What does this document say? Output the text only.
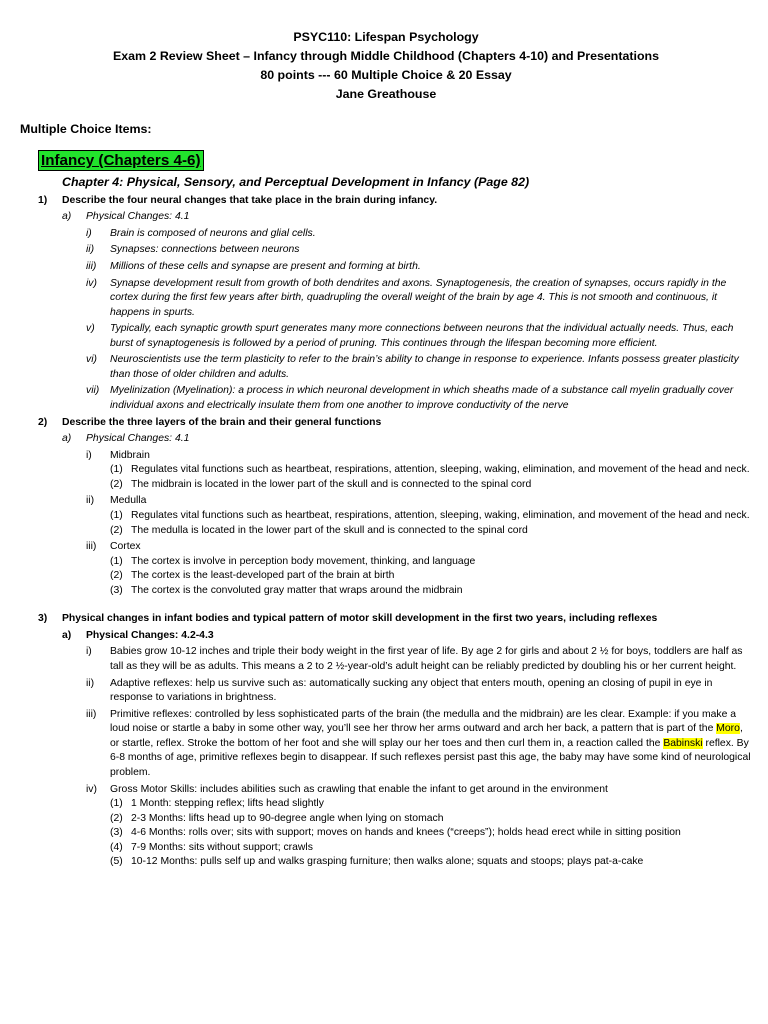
PSYC110: Lifespan Psychology
Exam 2 Review Sheet – Infancy through Middle Childhood (Chapters 4-10) and Presentations
80 points --- 60 Multiple Choice & 20 Essay
Jane Greathouse
Multiple Choice Items:
Infancy (Chapters 4-6)
Chapter 4: Physical, Sensory, and Perceptual Development in Infancy (Page 82)
1) Describe the four neural changes that take place in the brain during infancy.
a) Physical Changes: 4.1
i) Brain is composed of neurons and glial cells.
ii) Synapses: connections between neurons
iii) Millions of these cells and synapse are present and forming at birth.
iv) Synapse development result from growth of both dendrites and axons. Synaptogenesis, the creation of synapses, occurs rapidly in the cortex during the first few years after birth, quadrupling the overall weight of the brain by age 4. This is not smooth and continuous, it happens in spurts.
v) Typically, each synaptic growth spurt generates many more connections between neurons that the individual actually needs. Thus, each burst of synaptogenesis is followed by a period of pruning. This continues through the lifespan becoming more efficient.
vi) Neuroscientists use the term plasticity to refer to the brain’s ability to change in response to experience. Infants possess greater plasticity than those of older children and adults.
vii) Myelinization (Myelination): a process in which neuronal development in which sheaths made of a substance call myelin gradually cover individual axons and electrically insulate them from one another to improve conductivity of the nerve
2) Describe the three layers of the brain and their general functions
a) Physical Changes: 4.1
i) Midbrain
(1) Regulates vital functions such as heartbeat, respirations, attention, sleeping, waking, elimination, and movement of the head and neck.
(2) The midbrain is located in the lower part of the skull and is connected to the spinal cord
ii) Medulla
(1) Regulates vital functions such as heartbeat, respirations, attention, sleeping, waking, elimination, and movement of the head and neck.
(2) The medulla is located in the lower part of the skull and is connected to the spinal cord
iii) Cortex
(1) The cortex is involve in perception body movement, thinking, and language
(2) The cortex is the least-developed part of the brain at birth
(3) The cortex is the convoluted gray matter that wraps around the midbrain
3) Physical changes in infant bodies and typical pattern of motor skill development in the first two years, including reflexes
a) Physical Changes: 4.2-4.3
i) Babies grow 10-12 inches and triple their body weight in the first year of life. By age 2 for girls and about 2 ½ for boys, toddlers are half as tall as they will be as adults. This means a 2 to 2 ½-year-old’s adult height can be reliably predicted by doubling his or her current height.
ii) Adaptive reflexes: help us survive such as: automatically sucking any object that enters mouth, opening an closing of pupil in eye in response to variations in brightness.
iii) Primitive reflexes: controlled by less sophisticated parts of the brain (the medulla and the midbrain) are les clear. Example: if you make a loud noise or startle a baby in some other way, you’ll see her throw her arms outward and arch her back, a pattern that is part of the Moro, or startle, reflex. Stroke the bottom of her foot and she will splay our her toes and then curl them in, a reaction called the Babinski reflex. By 6-8 months of age, primitive reflexes begin to disappear. If such reflexes persist past this age, the baby may have some kind of neurological problem.
iv) Gross Motor Skills: includes abilities such as crawling that enable the infant to get around in the environment
(1) 1 Month: stepping reflex; lifts head slightly
(2) 2-3 Months: lifts head up to 90-degree angle when lying on stomach
(3) 4-6 Months: rolls over; sits with support; moves on hands and knees (“creeps”); holds head erect while in sitting position
(4) 7-9 Months: sits without support; crawls
(5) 10-12 Months: pulls self up and walks grasping furniture; then walks alone; squats and stoops; plays pat-a-cake
